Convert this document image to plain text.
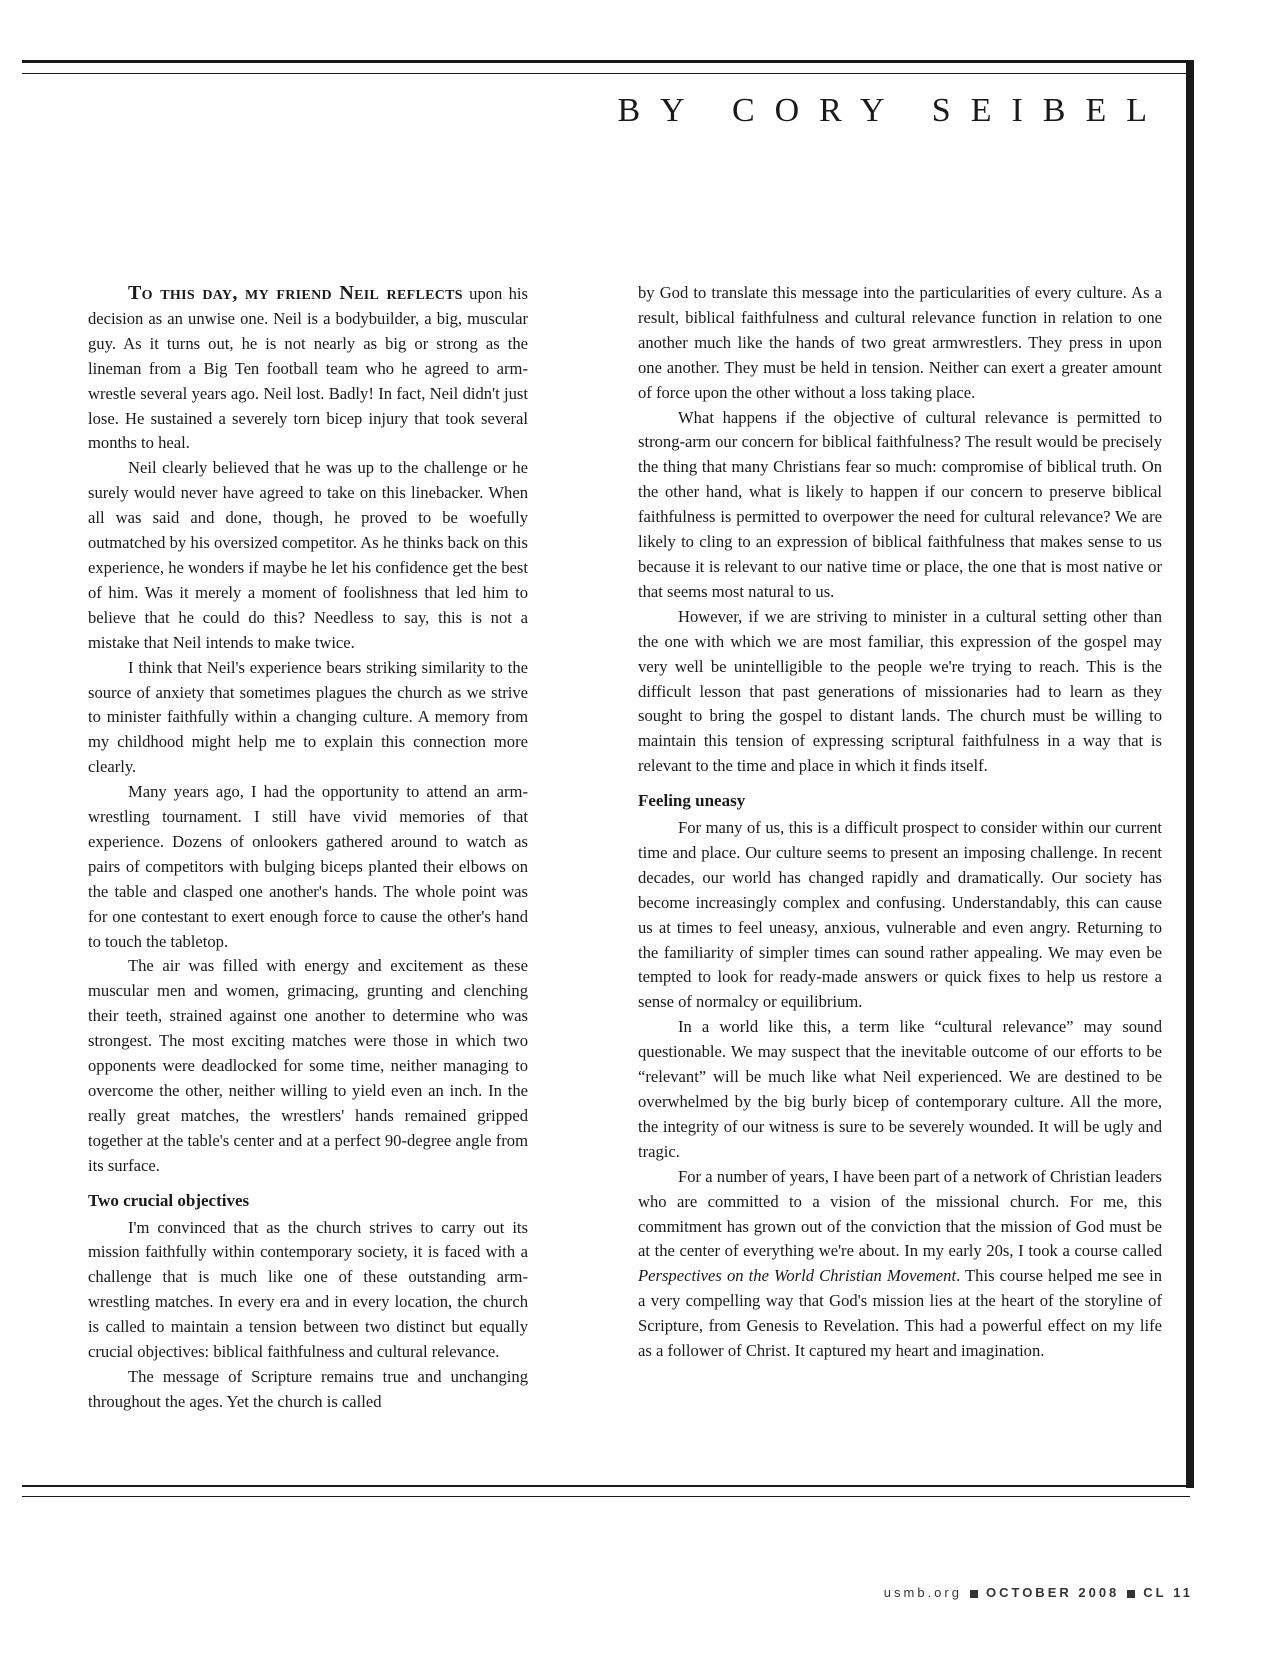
BY CORY SEIBEL

To this day, my friend Neil reflects upon his decision as an unwise one. Neil is a bodybuilder, a big, muscular guy. As it turns out, he is not nearly as big or strong as the lineman from a Big Ten football team who he agreed to arm-wrestle several years ago. Neil lost. Badly! In fact, Neil didn't just lose. He sustained a severely torn bicep injury that took several months to heal.

Neil clearly believed that he was up to the challenge or he surely would never have agreed to take on this linebacker. When all was said and done, though, he proved to be woefully outmatched by his oversized competitor. As he thinks back on this experience, he wonders if maybe he let his confidence get the best of him. Was it merely a moment of foolishness that led him to believe that he could do this? Needless to say, this is not a mistake that Neil intends to make twice.

I think that Neil's experience bears striking similarity to the source of anxiety that sometimes plagues the church as we strive to minister faithfully within a changing culture. A memory from my childhood might help me to explain this connection more clearly.

Many years ago, I had the opportunity to attend an arm-wrestling tournament. I still have vivid memories of that experience. Dozens of onlookers gathered around to watch as pairs of competitors with bulging biceps planted their elbows on the table and clasped one another's hands. The whole point was for one contestant to exert enough force to cause the other's hand to touch the tabletop.

The air was filled with energy and excitement as these muscular men and women, grimacing, grunting and clenching their teeth, strained against one another to determine who was strongest. The most exciting matches were those in which two opponents were deadlocked for some time, neither managing to overcome the other, neither willing to yield even an inch. In the really great matches, the wrestlers' hands remained gripped together at the table's center and at a perfect 90-degree angle from its surface.

Two crucial objectives

I'm convinced that as the church strives to carry out its mission faithfully within contemporary society, it is faced with a challenge that is much like one of these outstanding arm-wrestling matches. In every era and in every location, the church is called to maintain a tension between two distinct but equally crucial objectives: biblical faithfulness and cultural relevance.

The message of Scripture remains true and unchanging throughout the ages. Yet the church is called

by God to translate this message into the particularities of every culture. As a result, biblical faithfulness and cultural relevance function in relation to one another much like the hands of two great armwrestlers. They press in upon one another. They must be held in tension. Neither can exert a greater amount of force upon the other without a loss taking place.

What happens if the objective of cultural relevance is permitted to strong-arm our concern for biblical faithfulness? The result would be precisely the thing that many Christians fear so much: compromise of biblical truth. On the other hand, what is likely to happen if our concern to preserve biblical faithfulness is permitted to overpower the need for cultural relevance? We are likely to cling to an expression of biblical faithfulness that makes sense to us because it is relevant to our native time or place, the one that is most native or that seems most natural to us.

However, if we are striving to minister in a cultural setting other than the one with which we are most familiar, this expression of the gospel may very well be unintelligible to the people we're trying to reach. This is the difficult lesson that past generations of missionaries had to learn as they sought to bring the gospel to distant lands. The church must be willing to maintain this tension of expressing scriptural faithfulness in a way that is relevant to the time and place in which it finds itself.

Feeling uneasy

For many of us, this is a difficult prospect to consider within our current time and place. Our culture seems to present an imposing challenge. In recent decades, our world has changed rapidly and dramatically. Our society has become increasingly complex and confusing. Understandably, this can cause us at times to feel uneasy, anxious, vulnerable and even angry. Returning to the familiarity of simpler times can sound rather appealing. We may even be tempted to look for ready-made answers or quick fixes to help us restore a sense of normalcy or equilibrium.

In a world like this, a term like “cultural relevance” may sound questionable. We may suspect that the inevitable outcome of our efforts to be “relevant” will be much like what Neil experienced. We are destined to be overwhelmed by the big burly bicep of contemporary culture. All the more, the integrity of our witness is sure to be severely wounded. It will be ugly and tragic.

For a number of years, I have been part of a network of Christian leaders who are committed to a vision of the missional church. For me, this commitment has grown out of the conviction that the mission of God must be at the center of everything we're about. In my early 20s, I took a course called Perspectives on the World Christian Movement. This course helped me see in a very compelling way that God's mission lies at the heart of the storyline of Scripture, from Genesis to Revelation. This had a powerful effect on my life as a follower of Christ. It captured my heart and imagination.

usmb.org OCTOBER 2008 CL 11
